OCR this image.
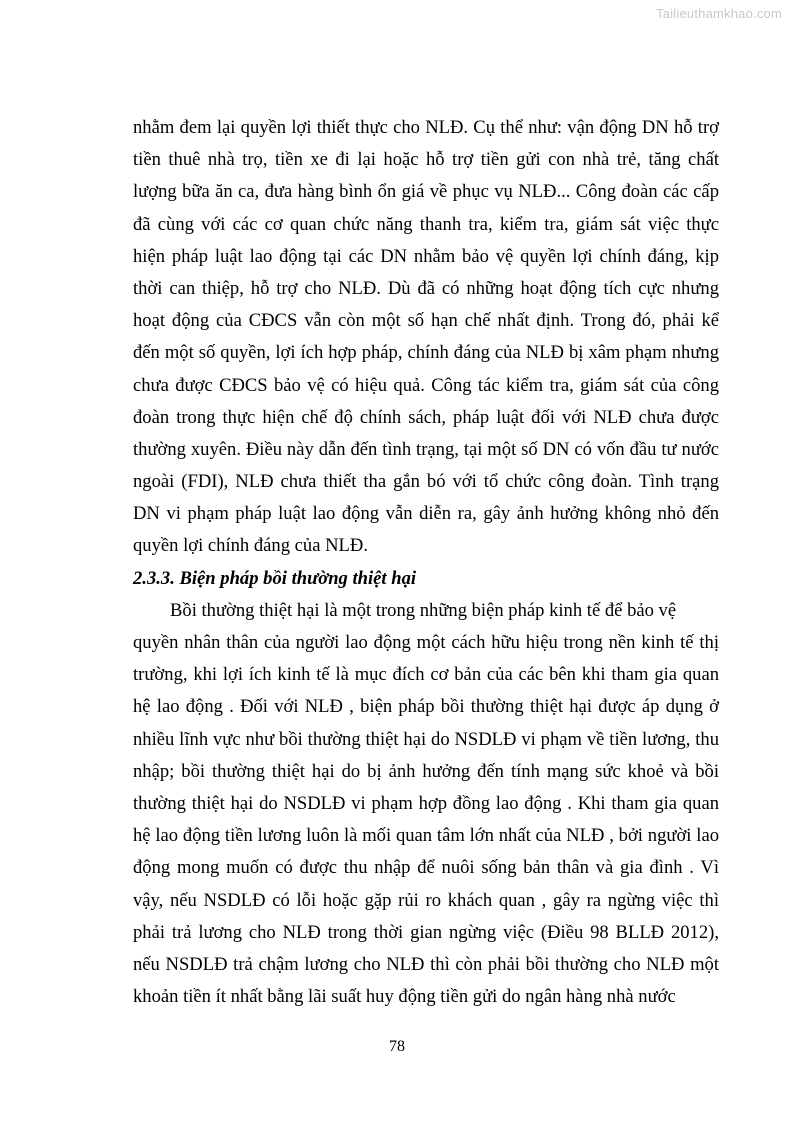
Tailieuthamkhao.com
nhằm đem lại quyền lợi thiết thực cho NLĐ. Cụ thể như: vận động DN hỗ trợ
tiền thuê nhà trọ, tiền xe đi lại hoặc hỗ trợ tiền gửi con nhà trẻ, tăng chất
lượng bữa ăn ca, đưa hàng bình ổn giá về phục vụ NLĐ... Công đoàn các cấp
đã cùng với các cơ quan chức năng thanh tra, kiểm tra, giám sát việc thực
hiện pháp luật lao động tại các DN nhằm bảo vệ quyền lợi chính đáng, kịp
thời can thiệp, hỗ trợ cho NLĐ. Dù đã có những hoạt động tích cực nhưng
hoạt động của CĐCS vẫn còn một số hạn chế nhất định. Trong đó, phải kể
đến một số quyền, lợi ích hợp pháp, chính đáng của NLĐ bị xâm phạm nhưng
chưa được CĐCS bảo vệ có hiệu quả. Công tác kiểm tra, giám sát của công
đoàn trong thực hiện chế độ chính sách, pháp luật đối với NLĐ chưa được
thường xuyên. Điều này dẫn đến tình trạng, tại một số DN có vốn đầu tư nước
ngoài (FDI), NLĐ chưa thiết tha gắn bó với tổ chức công đoàn. Tình trạng
DN vi phạm pháp luật lao động vẫn diễn ra, gây ảnh hưởng không nhỏ đến
quyền lợi chính đáng của NLĐ.
2.3.3. Biện pháp bồi thường thiệt hại
Bồi thường thiệt hại là một trong những biện pháp kinh tế để bảo vệ
quyền nhân thân của người lao động một cách hữu hiệu trong nền kinh tế thị
trường, khi lợi ích kinh tế là mục đích cơ bản của các bên khi tham gia quan
hệ lao động . Đối với NLĐ , biện pháp bồi thường thiệt hại được áp dụng ở
nhiều lĩnh vực như bồi thường thiệt hại do NSDLĐ vi phạm về tiền lương, thu
nhập; bồi thường thiệt hại do bị ảnh hưởng đến tính mạng sức khoẻ và bồi
thường thiệt hại do NSDLĐ vi phạm hợp đồng lao động . Khi tham gia quan
hệ lao động tiền lương luôn là mối quan tâm lớn nhất của NLĐ , bởi người lao
động mong muốn có được thu nhập để nuôi sống bản thân và gia đình . Vì
vậy, nếu NSDLĐ có lỗi hoặc gặp rủi ro khách quan , gây ra ngừng việc thì
phải trả lương cho NLĐ trong thời gian ngừng việc (Điều 98 BLLĐ 2012),
nếu NSDLĐ trả chậm lương cho NLĐ thì còn phải bồi thường cho NLĐ một
khoản tiền ít nhất bằng lãi suất huy động tiền gửi do ngân hàng nhà nước
78
